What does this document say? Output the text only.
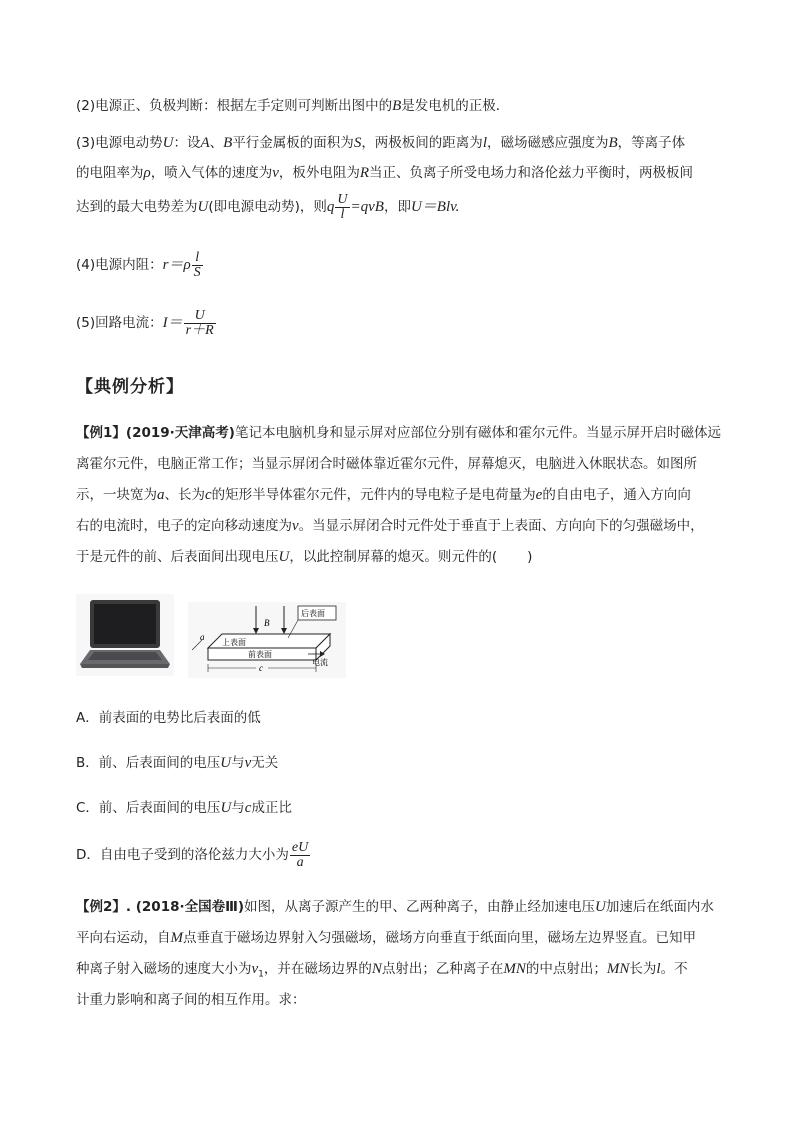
(2)电源正、负极判断：根据左手定则可判断出图中的B是发电机的正极．
(3)电源电动势U：设A、B平行金属板的面积为S，两极板间的距离为l，磁场磁感应强度为B，等离子体
的电阻率为ρ，喷入气体的速度为v，板外电阻为R当正、负离子所受电场力和洛伦兹力平衡时，两极板间
达到的最大电势差为U(即电源电动势)，则q $\frac{U}{l} =qvB$，即U＝Blv.
(4)电源内阻：$r=\rho \frac{l}{S}$
(5)回路电流：$I= \frac{U}{r+R}$
【典例分析】
【例1】(2019·天津高考)笔记本电脑机身和显示屏对应部位分别有磁体和霍尔元件。当显示屏开启时磁体远
离霍尔元件，电脑正常工作；当显示屏闭合时磁体靠近霍尔元件，屏幕熄灭，电脑进入休眠状态。如图所
示，一块宽为a、长为c的矩形半导体霍尔元件，元件内的导电粒子是电荷量为e的自由电子，通入方向向
右的电流时，电子的定向移动速度为v。当显示屏闭合时元件处于垂直于上表面、方向向下的匀强磁场中，
于是元件的前、后表面间出现电压U，以此控制屏幕的熄灭。则元件的( )
B
后表面
上表面
前表面
a
c
电流
A．前表面的电势比后表面的低
B．前、后表面间的电压U与v无关
C．前、后表面间的电压U与c成正比
D．自由电子受到的洛伦兹力大小为 $\frac{eU}{a}$
【例2】. (2018·全国卷Ⅲ)如图，从离子源产生的甲、乙两种离子，由静止经加速电压U加速后在纸面内水
平向右运动，自M点垂直于磁场边界射入匀强磁场，磁场方向垂直于纸面向里，磁场左边界竖直。已知甲
种离子射入磁场的速度大小为$v_1$，并在磁场边界的N点射出；乙种离子在MN的中点射出；MN长为l。不
计重力影响和离子间的相互作用。求：
